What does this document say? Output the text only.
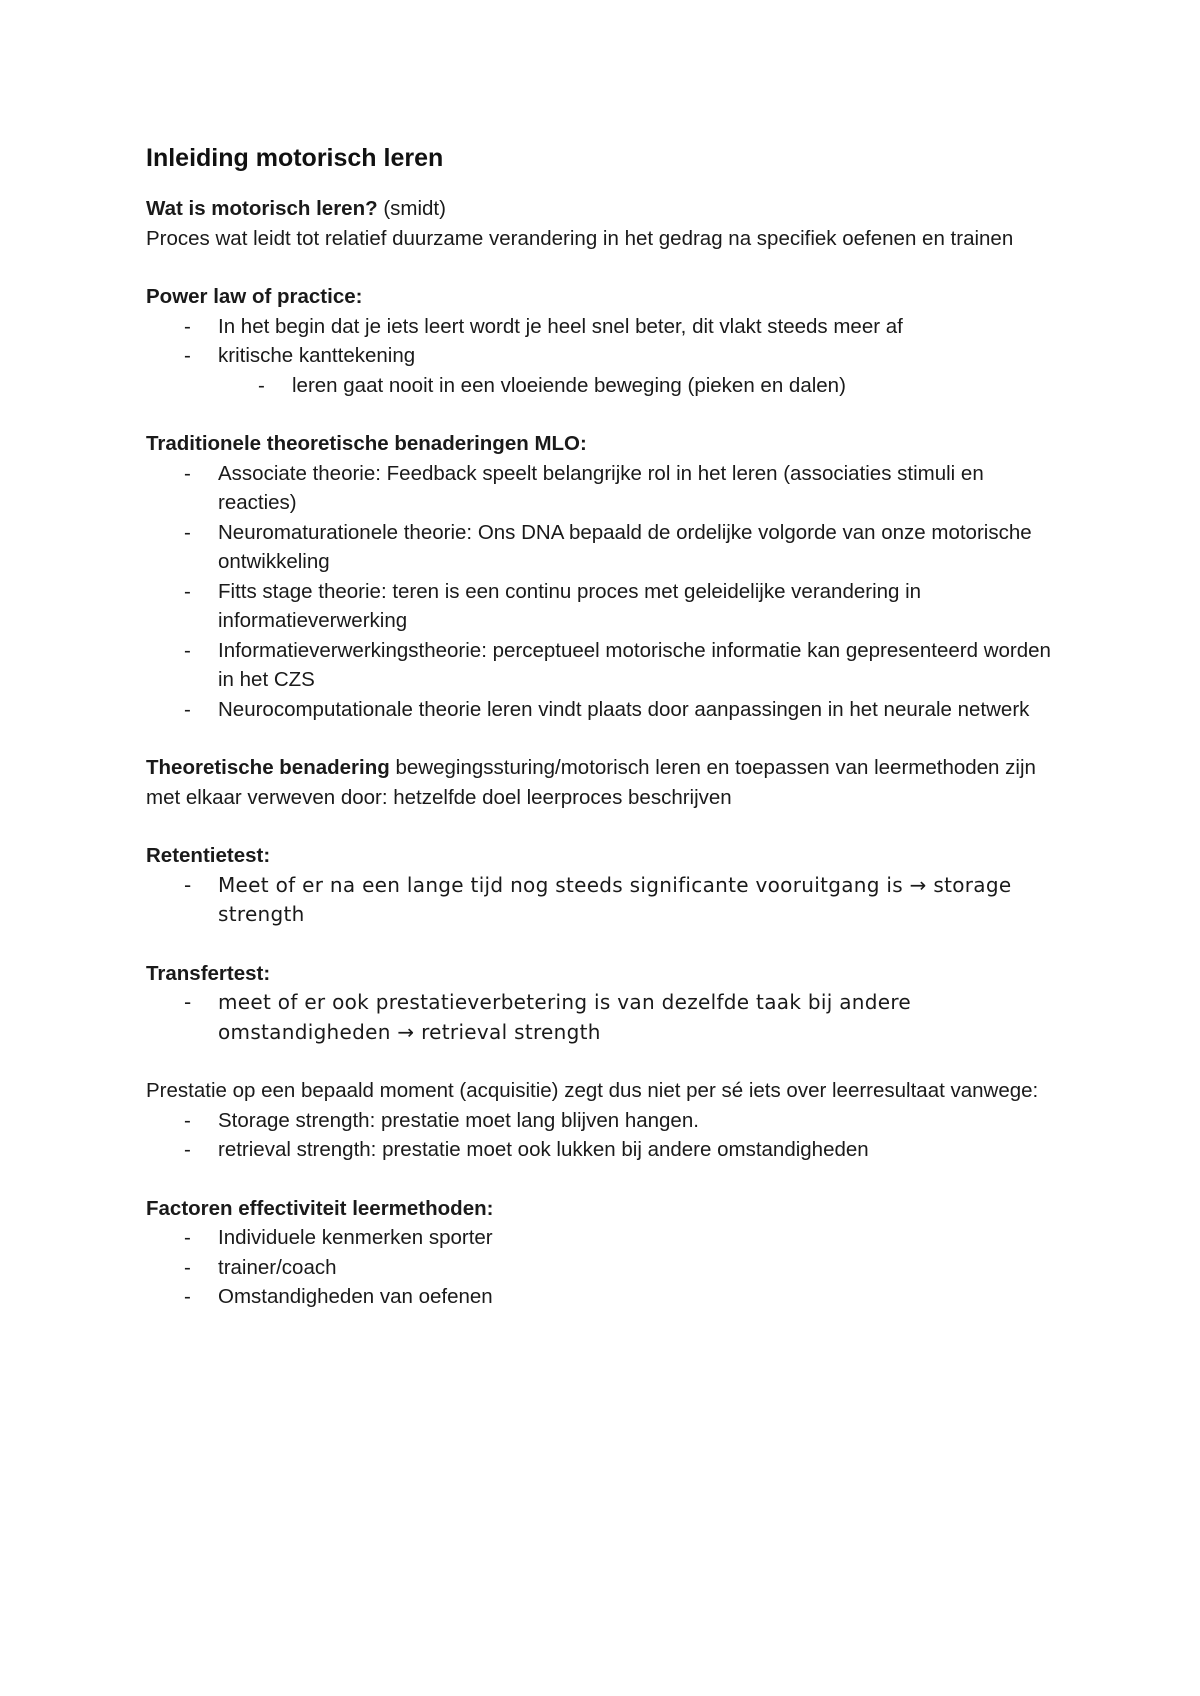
Inleiding motorisch leren

Wat is motorisch leren? (smidt)

Proces wat leidt tot relatief duurzame verandering in het gedrag na specifiek oefenen en trainen

Power law of practice:

- In het begin dat je iets leert wordt je heel snel beter, dit vlakt steeds meer af
- kritische kanttekening
- leren gaat nooit in een vloeiende beweging (pieken en dalen)

Traditionele theoretische benaderingen MLO:

- Associate theorie: Feedback speelt belangrijke rol in het leren (associaties stimuli en reacties)
- Neuromaturationele theorie: Ons DNA bepaald de ordelijke volgorde van onze motorische ontwikkeling
- Fitts stage theorie: teren is een continu proces met geleidelijke verandering in informatieverwerking
- Informatieverwerkingstheorie: perceptueel motorische informatie kan gepresenteerd worden in het CZS
- Neurocomputationale theorie leren vindt plaats door aanpassingen in het neurale netwerk

Theoretische benadering bewegingssturing/motorisch leren en toepassen van leermethoden zijn met elkaar verweven door: hetzelfde doel leerproces beschrijven

Retentietest:

- Meet of er na een lange tijd nog steeds significante vooruitgang is → storage strength

Transfertest:

- meet of er ook prestatieverbetering is van dezelfde taak bij andere omstandigheden → retrieval strength

Prestatie op een bepaald moment (acquisitie) zegt dus niet per sé iets over leerresultaat vanwege:

- Storage strength: prestatie moet lang blijven hangen.
- retrieval strength: prestatie moet ook lukken bij andere omstandigheden

Factoren effectiviteit leermethoden:

- Individuele kenmerken sporter
- trainer/coach
- Omstandigheden van oefenen
